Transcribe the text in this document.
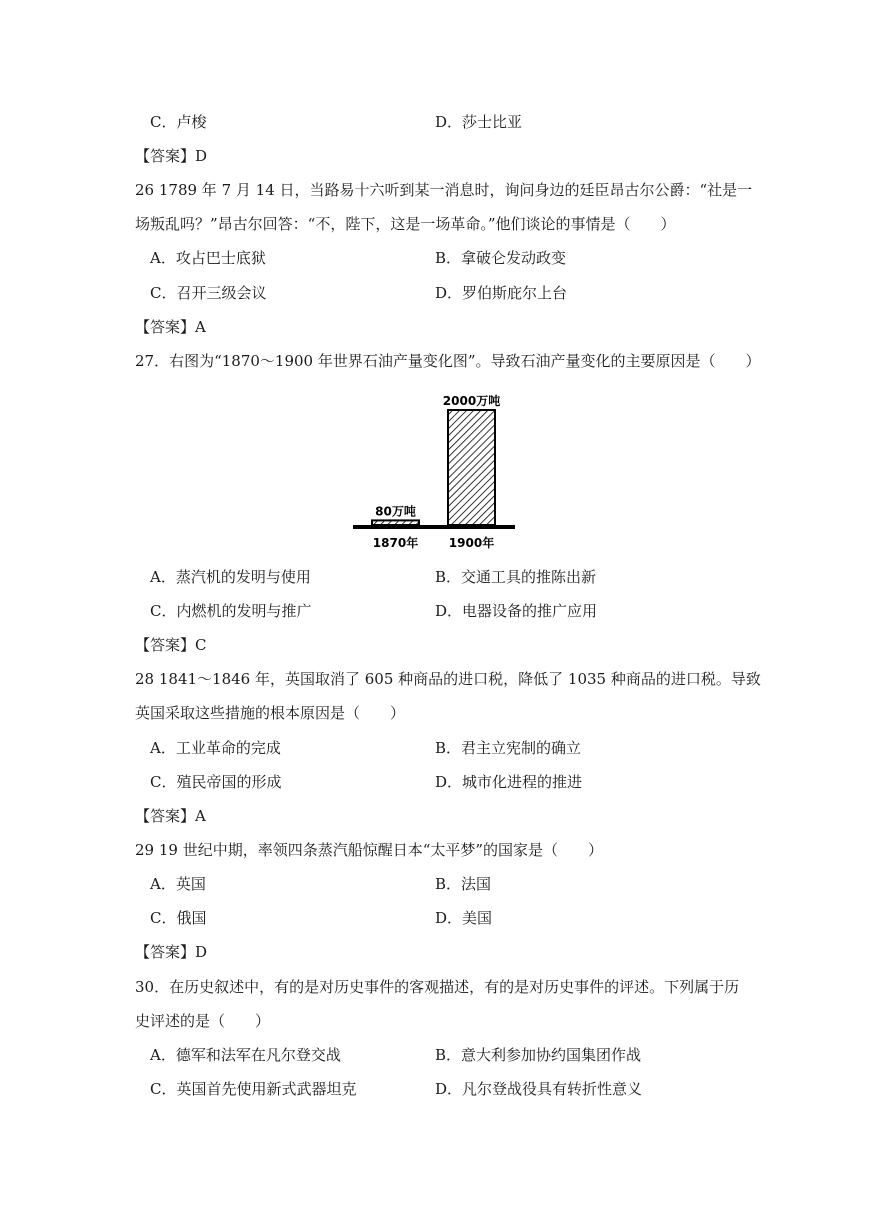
C．卢梭	D．莎士比亚
【答案】D
26 1789 年 7 月 14 日，当路易十六听到某一消息时，询问身边的廷臣昂古尔公爵：“社是一
场叛乱吗？”昂古尔回答：“不，陛下，这是一场革命。”他们谈论的事情是（　　）
A．攻占巴士底狱	B．拿破仑发动政变
C．召开三级会议	D．罗伯斯庇尔上台
【答案】A
27．右图为“1870～1900 年世界石油产量变化图”。导致石油产量变化的主要原因是（　　）
80万吨
1870年
2000万吨
1900年
A．蒸汽机的发明与使用	B．交通工具的推陈出新
C．内燃机的发明与推广	D．电器设备的推广应用
【答案】C
28 1841～1846 年，英国取消了 605 种商品的进口税，降低了 1035 种商品的进口税。导致
英国采取这些措施的根本原因是（　　）
A．工业革命的完成	B．君主立宪制的确立
C．殖民帝国的形成	D．城市化进程的推进
【答案】A
29 19 世纪中期，率领四条蒸汽船惊醒日本“太平梦”的国家是（　　）
A．英国	B．法国
C．俄国	D．美国
【答案】D
30．在历史叙述中，有的是对历史事件的客观描述，有的是对历史事件的评述。下列属于历
史评述的是（　　）
A．德军和法军在凡尔登交战	B．意大利参加协约国集团作战
C．英国首先使用新式武器坦克	D．凡尔登战役具有转折性意义
